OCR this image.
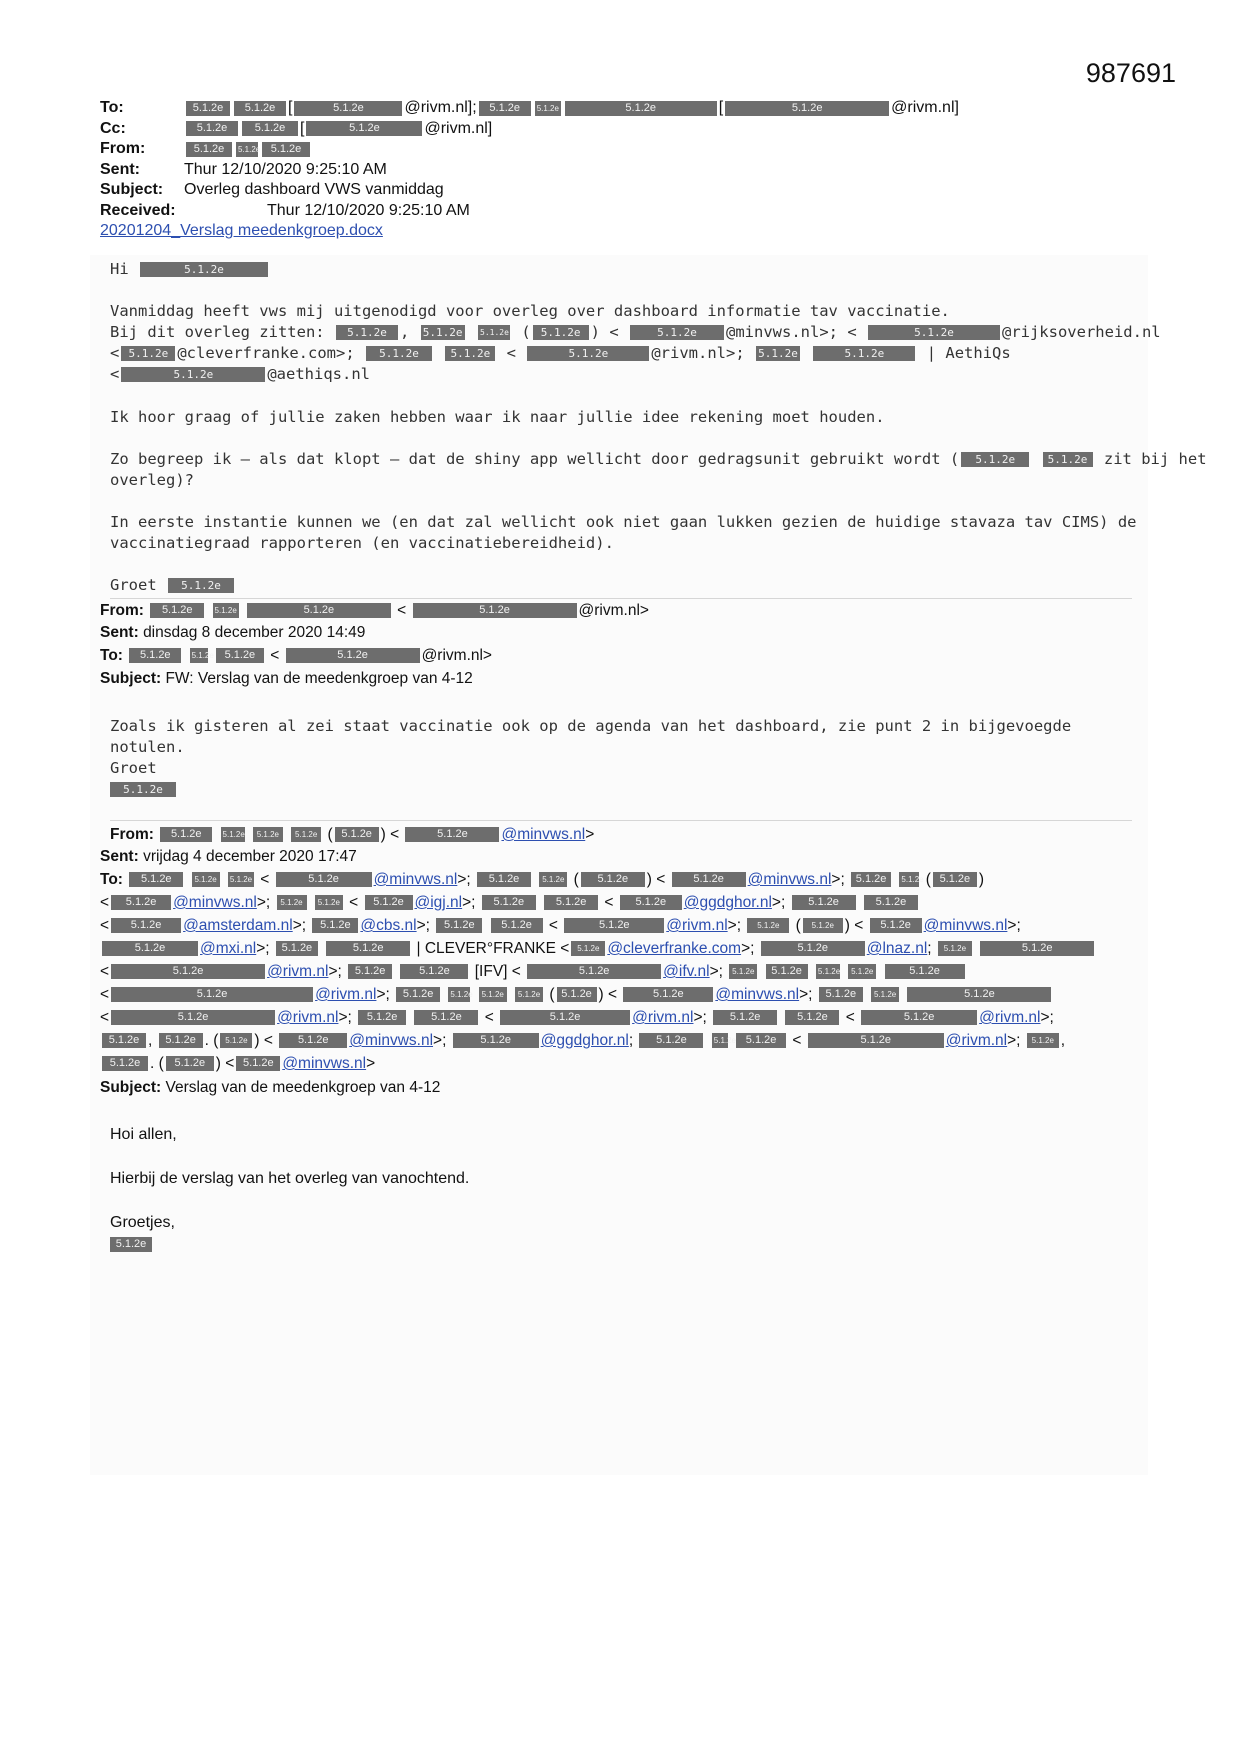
987691
To:	5.1.2e	5.1.2e [	5.1.2e	@rivm.nl];	5.1.2e	5.1.2e	5.1.2e	[	5.1.2e	@rivm.nl]
Cc:	5.1.2e	5.1.2e [	5.1.2e	@rivm.nl]
From:	5.1.2e	5.1.2e 5.1.2e
Sent:	Thur 12/10/2020 9:25:10 AM
Subject:	Overleg dashboard VWS vanmiddag
Received:	Thur 12/10/2020 9:25:10 AM
20201204_Verslag meedenkgroep.docx
Hi	5.1.2e
Vanmiddag heeft vws mij uitgenodigd voor overleg over dashboard informatie tav vaccinatie.
Bij dit overleg zitten: 5.1.2e , 5.1.2e 5.1.2e ( 5.1.2e ) <	5.1.2e @minvws.nl>; <	5.1.2e	@rijksoverheid.nl
< 5.1.2e @cleverfranke.com>; 5.1.2e	5.1.2e <	5.1.2e	@rivm.nl>; 5.1.2e	5.1.2e	| AethiQs
<	5.1.2e	@aethiqs.nl
Ik hoor graag of jullie zaken hebben waar ik naar jullie idee rekening moet houden.
Zo begreep ik – als dat klopt – dat de shiny app wellicht door gedragsunit gebruikt wordt ( 5.1.2e	5.1.2e zit bij het
overleg)?
In eerste instantie kunnen we (en dat zal wellicht ook niet gaan lukken gezien de huidige stavaza tav CIMS) de
vaccinatiegraad rapporteren (en vaccinatiebereidheid).
Groet 5.1.2e
From: 5.1.2e	5.1.2e	5.1.2e	<	5.1.2e	@rivm.nl>
Sent: dinsdag 8 december 2020 14:49
To: 5.1.2e	5.1.2e 5.1.2e <	5.1.2e	@rivm.nl>
Subject: FW: Verslag van de meedenkgroep van 4-12
Zoals ik gisteren al zei staat vaccinatie ook op de agenda van het dashboard, zie punt 2 in bijgevoegde notulen.
Groet
5.1.2e
From: 5.1.2e	5.1.2e 5.1.2e 5.1.2e ( 5.1.2e ) <	5.1.2e @minvws.nl>
Sent: vrijdag 4 december 2020 17:47
To: 5.1.2e	5.1.2e 5.1.2e <	5.1.2e @minvws.nl>; 5.1.2e	5.1.2e ( 5.1.2e ) < 5.1.2e @minvws.nl>; 5.1.2e 5.1.2e ( 5.1.2e )
< 5.1.2e @minvws.nl>; 5.1.2e 5.1.2e < 5.1.2e @igj.nl>; 5.1.2e	5.1.2e < 5.1.2e @ggdghor.nl>; 5.1.2e	5.1.2e
< 5.1.2e @amsterdam.nl>; 5.1.2e @cbs.nl>; 5.1.2e 5.1.2e <	5.1.2e @rivm.nl>; 5.1.2e ( 5.1.2e ) < 5.1.2e @minvws.nl>;
5.1.2e @mxi.nl>; 5.1.2e	5.1.2e | CLEVER°FRANKE < 5.1.2e @cleverfranke.com>;	5.1.2e @lnaz.nl; 5.1.2e	5.1.2e
<	5.1.2e	@rivm.nl>; 5.1.2e	5.1.2e [IFV] <	5.1.2e	@ifv.nl>; 5.1.2e 5.1.2e 5.1.2e 5.1.2e	5.1.2e
<	5.1.2e	@rivm.nl>; 5.1.2e 5.1.2e 5.1.2e 5.1.2e ( 5.1.2e ) <	5.1.2e @minvws.nl>; 5.1.2e 5.1.2e	5.1.2e
<	5.1.2e	@rivm.nl>; 5.1.2e	5.1.2e <	5.1.2e	@rivm.nl>; 5.1.2e	5.1.2e <	5.1.2e	@rivm.nl>;
5.1.2e , 5.1.2e . ( 5.1.2e ) < 5.1.2e @minvws.nl>;	5.1.2e @ggdghor.nl; 5.1.2e	5.1.2e 5.1.2e <	5.1.2e	@rivm.nl>; 5.1.2e ,
5.1.2e . ( 5.1.2e ) < 5.1.2e @minvws.nl>
Subject: Verslag van de meedenkgroep van 4-12
Hoi allen,
Hierbij de verslag van het overleg van vanochtend.
Groetjes,
5.1.2e
